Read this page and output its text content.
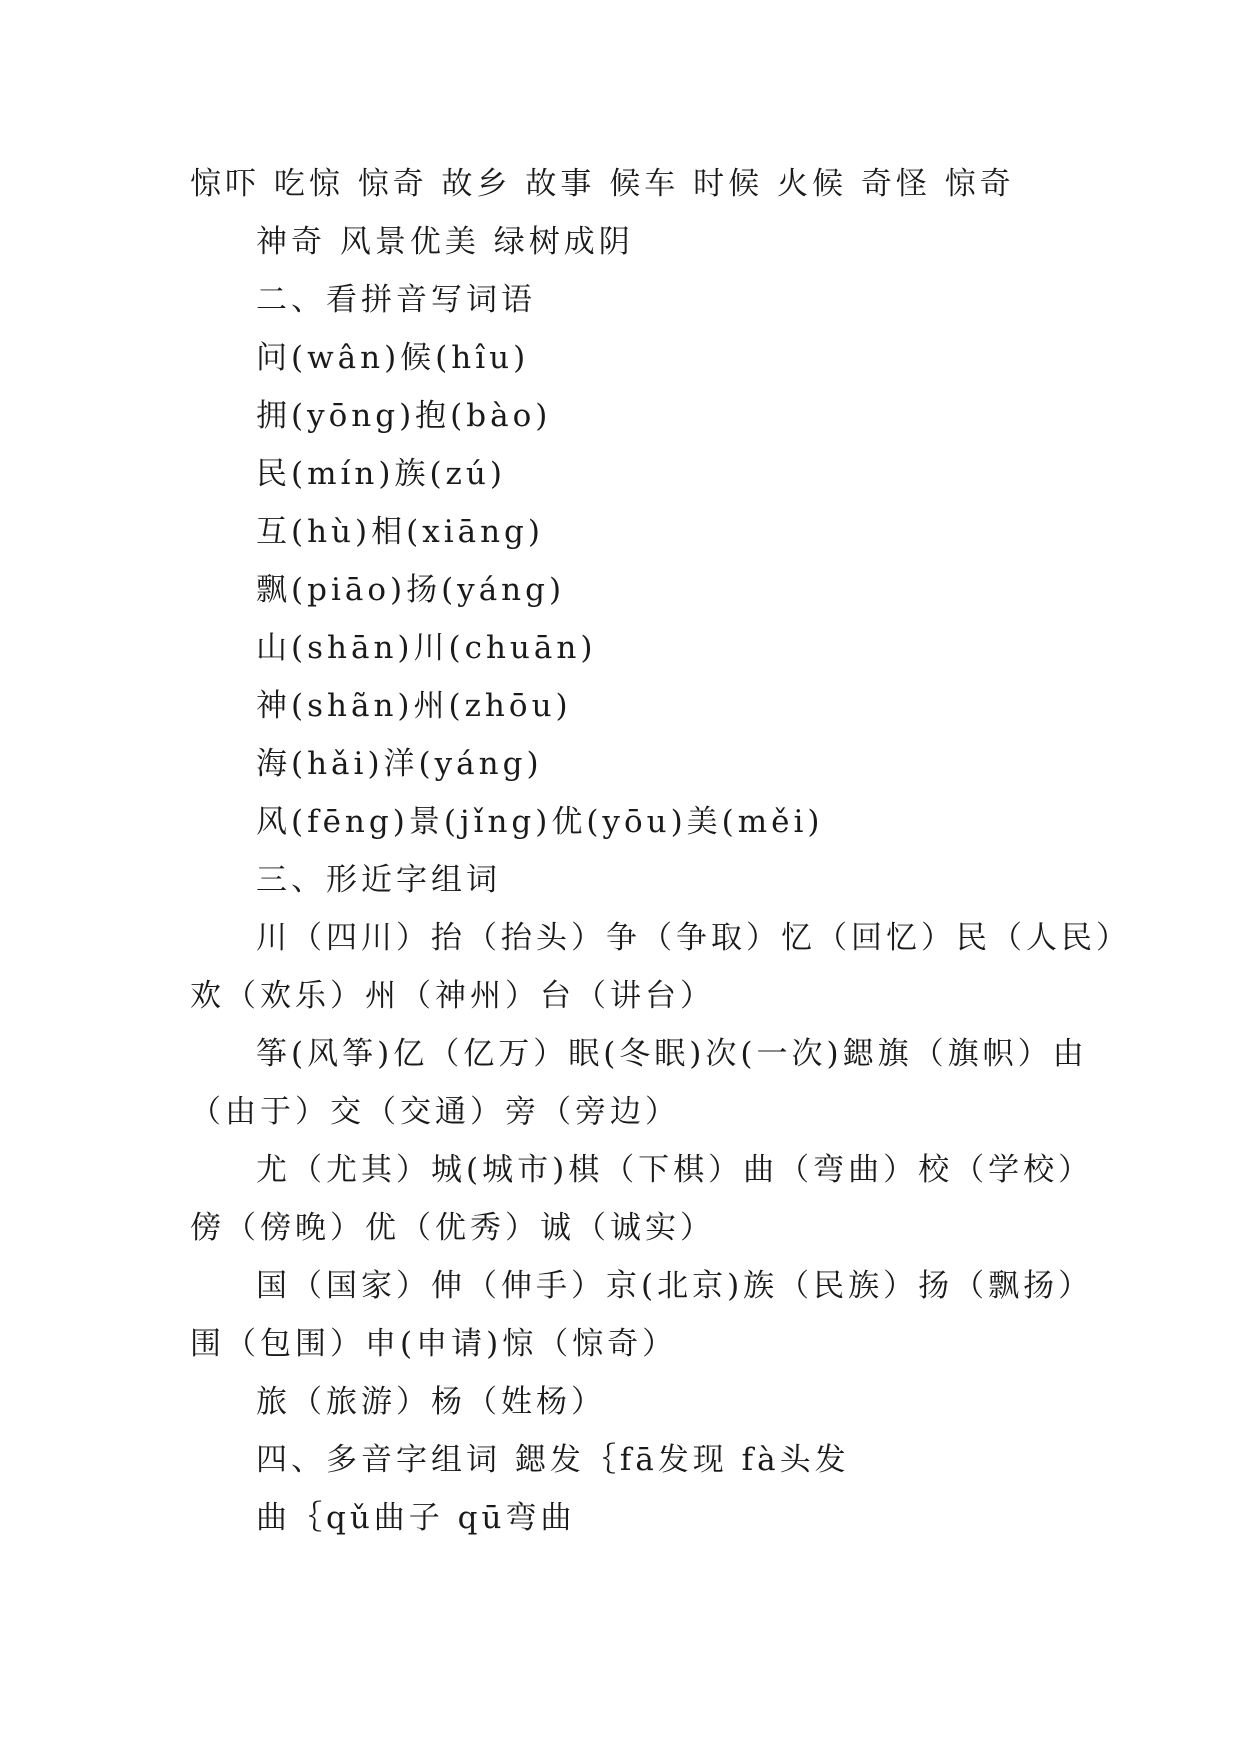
惊吓 吃惊 惊奇 故乡 故事 候车 时候 火候 奇怪 惊奇
神奇 风景优美 绿树成阴
二、看拼音写词语
问(wân)候(hîu)
拥(yōng)抱(bào)
民(mín)族(zú)
互(hù)相(xiāng)
飘(piāo)扬(yáng)
山(shān)川(chuān)
神(shãn)州(zhōu)
海(hǎi)洋(yáng)
风(fēng)景(jǐng)优(yōu)美(měi)
三、形近字组词
川（四川）抬（抬头）争（争取）忆（回忆）民（人民）
欢（欢乐）州（神州）台（讲台）
筝(风筝)亿（亿万）眠(冬眠)次(一次)鍶旗（旗帜）由
（由于）交（交通）旁（旁边）
尤（尤其）城(城市)棋（下棋）曲（弯曲）校（学校）
傍（傍晚）优（优秀）诚（诚实）
国（国家）伸（伸手）京(北京)族（民族）扬（飘扬）
围（包围）申(申请)惊（惊奇）
旅（旅游）杨（姓杨）
四、多音字组词 鍶发｛fā发现 fà头发
曲｛qǔ曲子 qū弯曲
